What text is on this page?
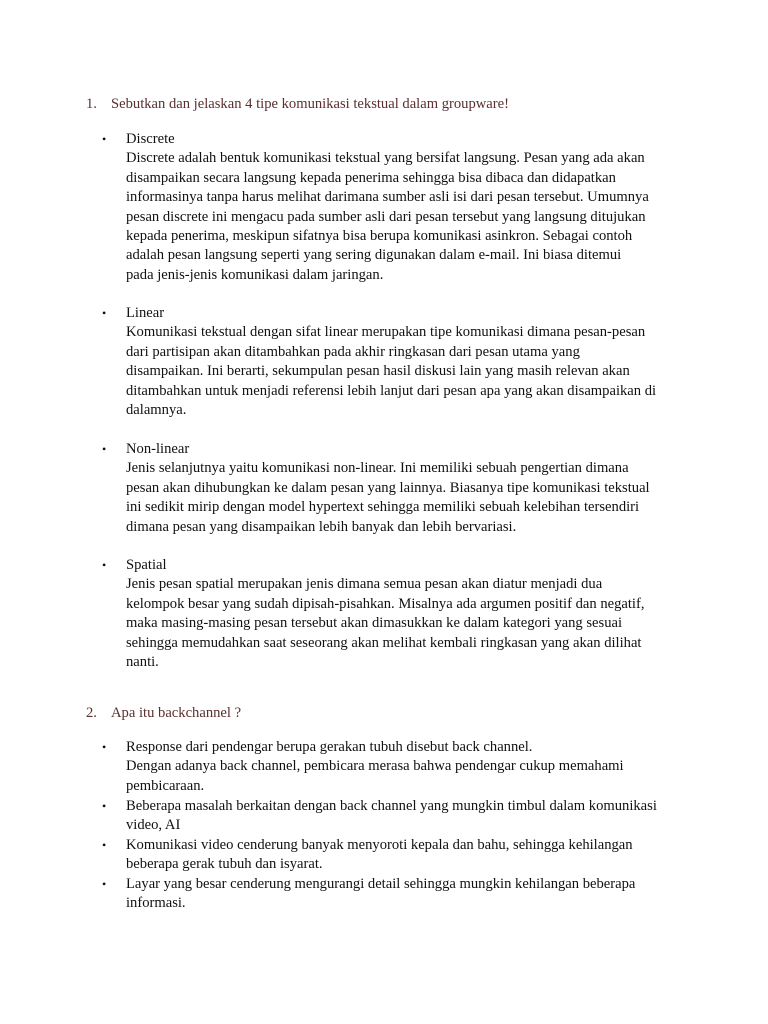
1. Sebutkan dan jelaskan 4 tipe komunikasi tekstual dalam groupware!
• Discrete
Discrete adalah bentuk komunikasi tekstual yang bersifat langsung. Pesan yang ada akan
disampaikan secara langsung kepada penerima sehingga bisa dibaca dan didapatkan
informasinya tanpa harus melihat darimana sumber asli isi dari pesan tersebut. Umumnya
pesan discrete ini mengacu pada sumber asli dari pesan tersebut yang langsung ditujukan
kepada penerima, meskipun sifatnya bisa berupa komunikasi asinkron. Sebagai contoh
adalah pesan langsung seperti yang sering digunakan dalam e-mail. Ini biasa ditemui
pada jenis-jenis komunikasi dalam jaringan.
• Linear
Komunikasi tekstual dengan sifat linear merupakan tipe komunikasi dimana pesan-pesan
dari partisipan akan ditambahkan pada akhir ringkasan dari pesan utama yang
disampaikan. Ini berarti, sekumpulan pesan hasil diskusi lain yang masih relevan akan
ditambahkan untuk menjadi referensi lebih lanjut dari pesan apa yang akan disampaikan di
dalamnya.
• Non-linear
Jenis selanjutnya yaitu komunikasi non-linear. Ini memiliki sebuah pengertian dimana
pesan akan dihubungkan ke dalam pesan yang lainnya. Biasanya tipe komunikasi tekstual
ini sedikit mirip dengan model hypertext sehingga memiliki sebuah kelebihan tersendiri
dimana pesan yang disampaikan lebih banyak dan lebih bervariasi.
• Spatial
Jenis pesan spatial merupakan jenis dimana semua pesan akan diatur menjadi dua
kelompok besar yang sudah dipisah-pisahkan. Misalnya ada argumen positif dan negatif,
maka masing-masing pesan tersebut akan dimasukkan ke dalam kategori yang sesuai
sehingga memudahkan saat seseorang akan melihat kembali ringkasan yang akan dilihat
nanti.
2. Apa itu backchannel ?
• Response dari pendengar berupa gerakan tubuh disebut back channel.
Dengan adanya back channel, pembicara merasa bahwa pendengar cukup memahami
pembicaraan.
• Beberapa masalah berkaitan dengan back channel yang mungkin timbul dalam komunikasi
video, AI
• Komunikasi video cenderung banyak menyoroti kepala dan bahu, sehingga kehilangan
beberapa gerak tubuh dan isyarat.
• Layar yang besar cenderung mengurangi detail sehingga mungkin kehilangan beberapa
informasi.
